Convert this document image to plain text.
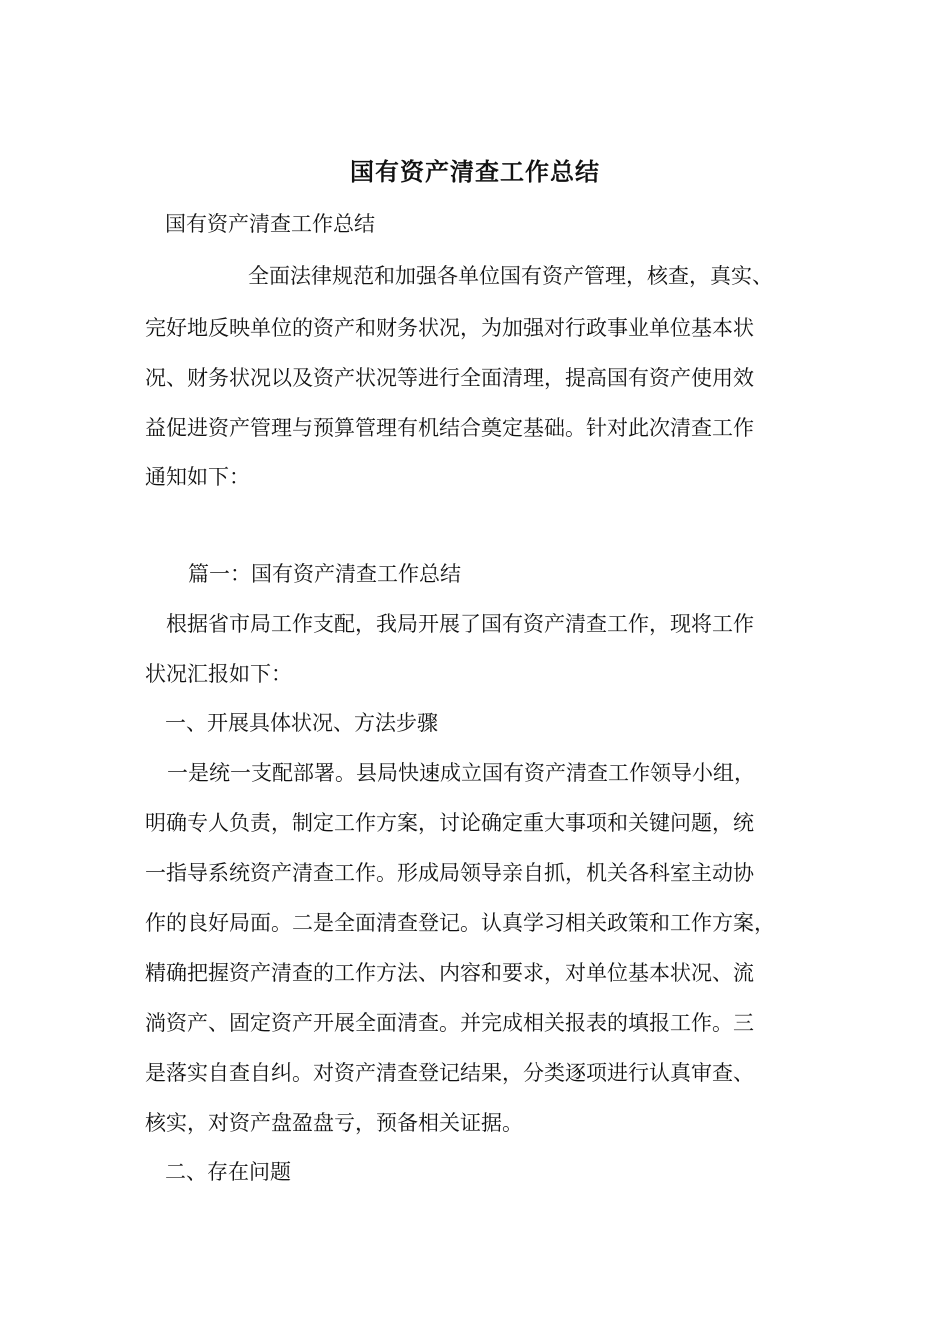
国有资产清查工作总结
国有资产清查工作总结
全面法律规范和加强各单位国有资产管理，核查，真实、
完好地反映单位的资产和财务状况，为加强对行政事业单位基本状
况、财务状况以及资产状况等进行全面清理，提高国有资产使用效
益促进资产管理与预算管理有机结合奠定基础。针对此次清查工作
通知如下：
篇一：国有资产清查工作总结
根据省市局工作支配，我局开展了国有资产清查工作，现将工作
状况汇报如下：
一、开展具体状况、方法步骤
一是统一支配部署。县局快速成立国有资产清查工作领导小组，
明确专人负责，制定工作方案，讨论确定重大事项和关键问题，统
一指导系统资产清查工作。形成局领导亲自抓，机关各科室主动协
作的良好局面。二是全面清查登记。认真学习相关政策和工作方案，
精确把握资产清查的工作方法、内容和要求，对单位基本状况、流
淌资产、固定资产开展全面清查。并完成相关报表的填报工作。三
是落实自查自纠。对资产清查登记结果，分类逐项进行认真审查、
核实，对资产盘盈盘亏，预备相关证据。
二、存在问题
